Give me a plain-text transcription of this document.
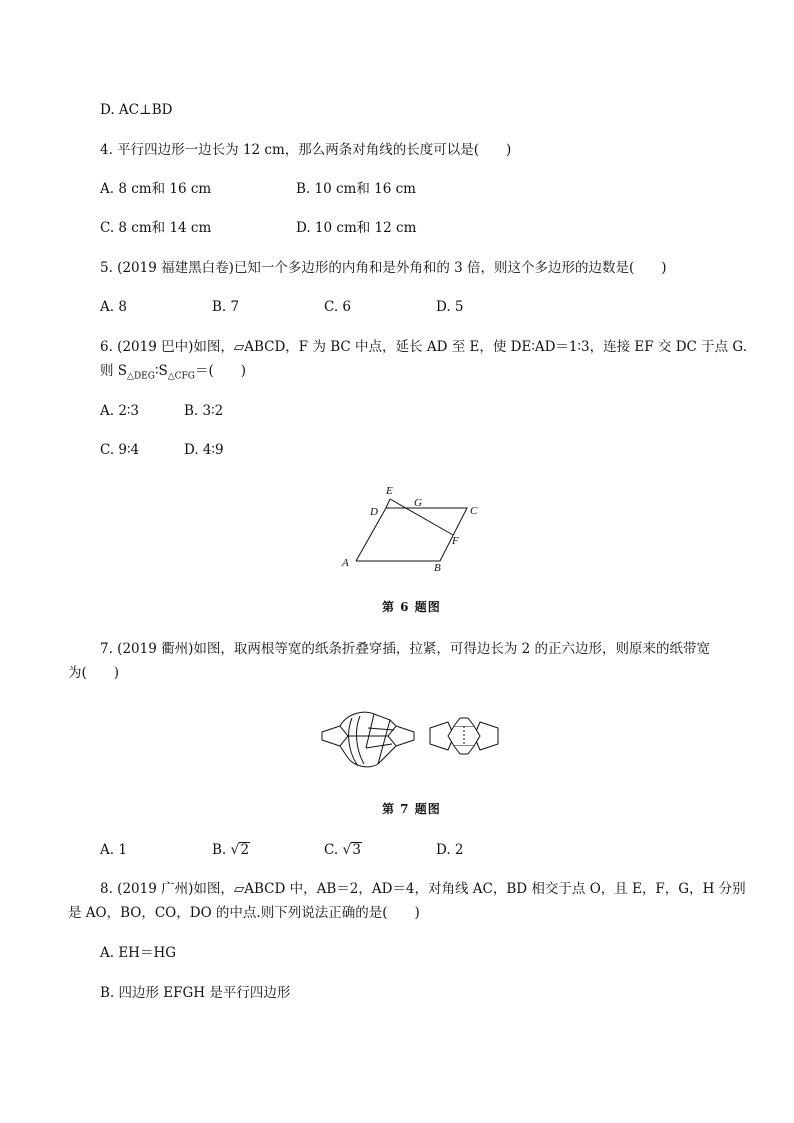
D. AC⊥BD
4. 平行四边形一边长为 12 cm，那么两条对角线的长度可以是(　　)
A. 8 cm和 16 cm	B. 10 cm和 16 cm
C. 8 cm和 14 cm	D. 10 cm和 12 cm
5. (2019 福建黑白卷)已知一个多边形的内角和是外角和的 3 倍，则这个多边形的边数是(　　)
A. 8	B. 7	C. 6	D. 5
6. (2019 巴中)如图，▱ABCD，F 为 BC 中点，延长 AD 至 E，使 DE∶AD＝1∶3，连接 EF 交 DC 于点 G.
则 $S_{\triangle DEG}∶S_{\triangle CFG}=$(　　)
A. 2∶3	B. 3∶2
C. 9∶4	D. 4∶9
A	B
C
D
E
F
G
第 6 题图
7. (2019 衢州)如图，取两根等宽的纸条折叠穿插，拉紧，可得边长为 2 的正六边形，则原来的纸带宽
为(　　)
第 7 题图
A. 1	B. √2	C. √3	D. 2
8. (2019 广州)如图，▱ABCD 中，AB＝2，AD＝4，对角线 AC，BD 相交于点 O，且 E，F，G，H 分别
是 AO，BO，CO，DO 的中点.则下列说法正确的是(　　)
A. EH＝HG
B. 四边形 EFGH 是平行四边形
